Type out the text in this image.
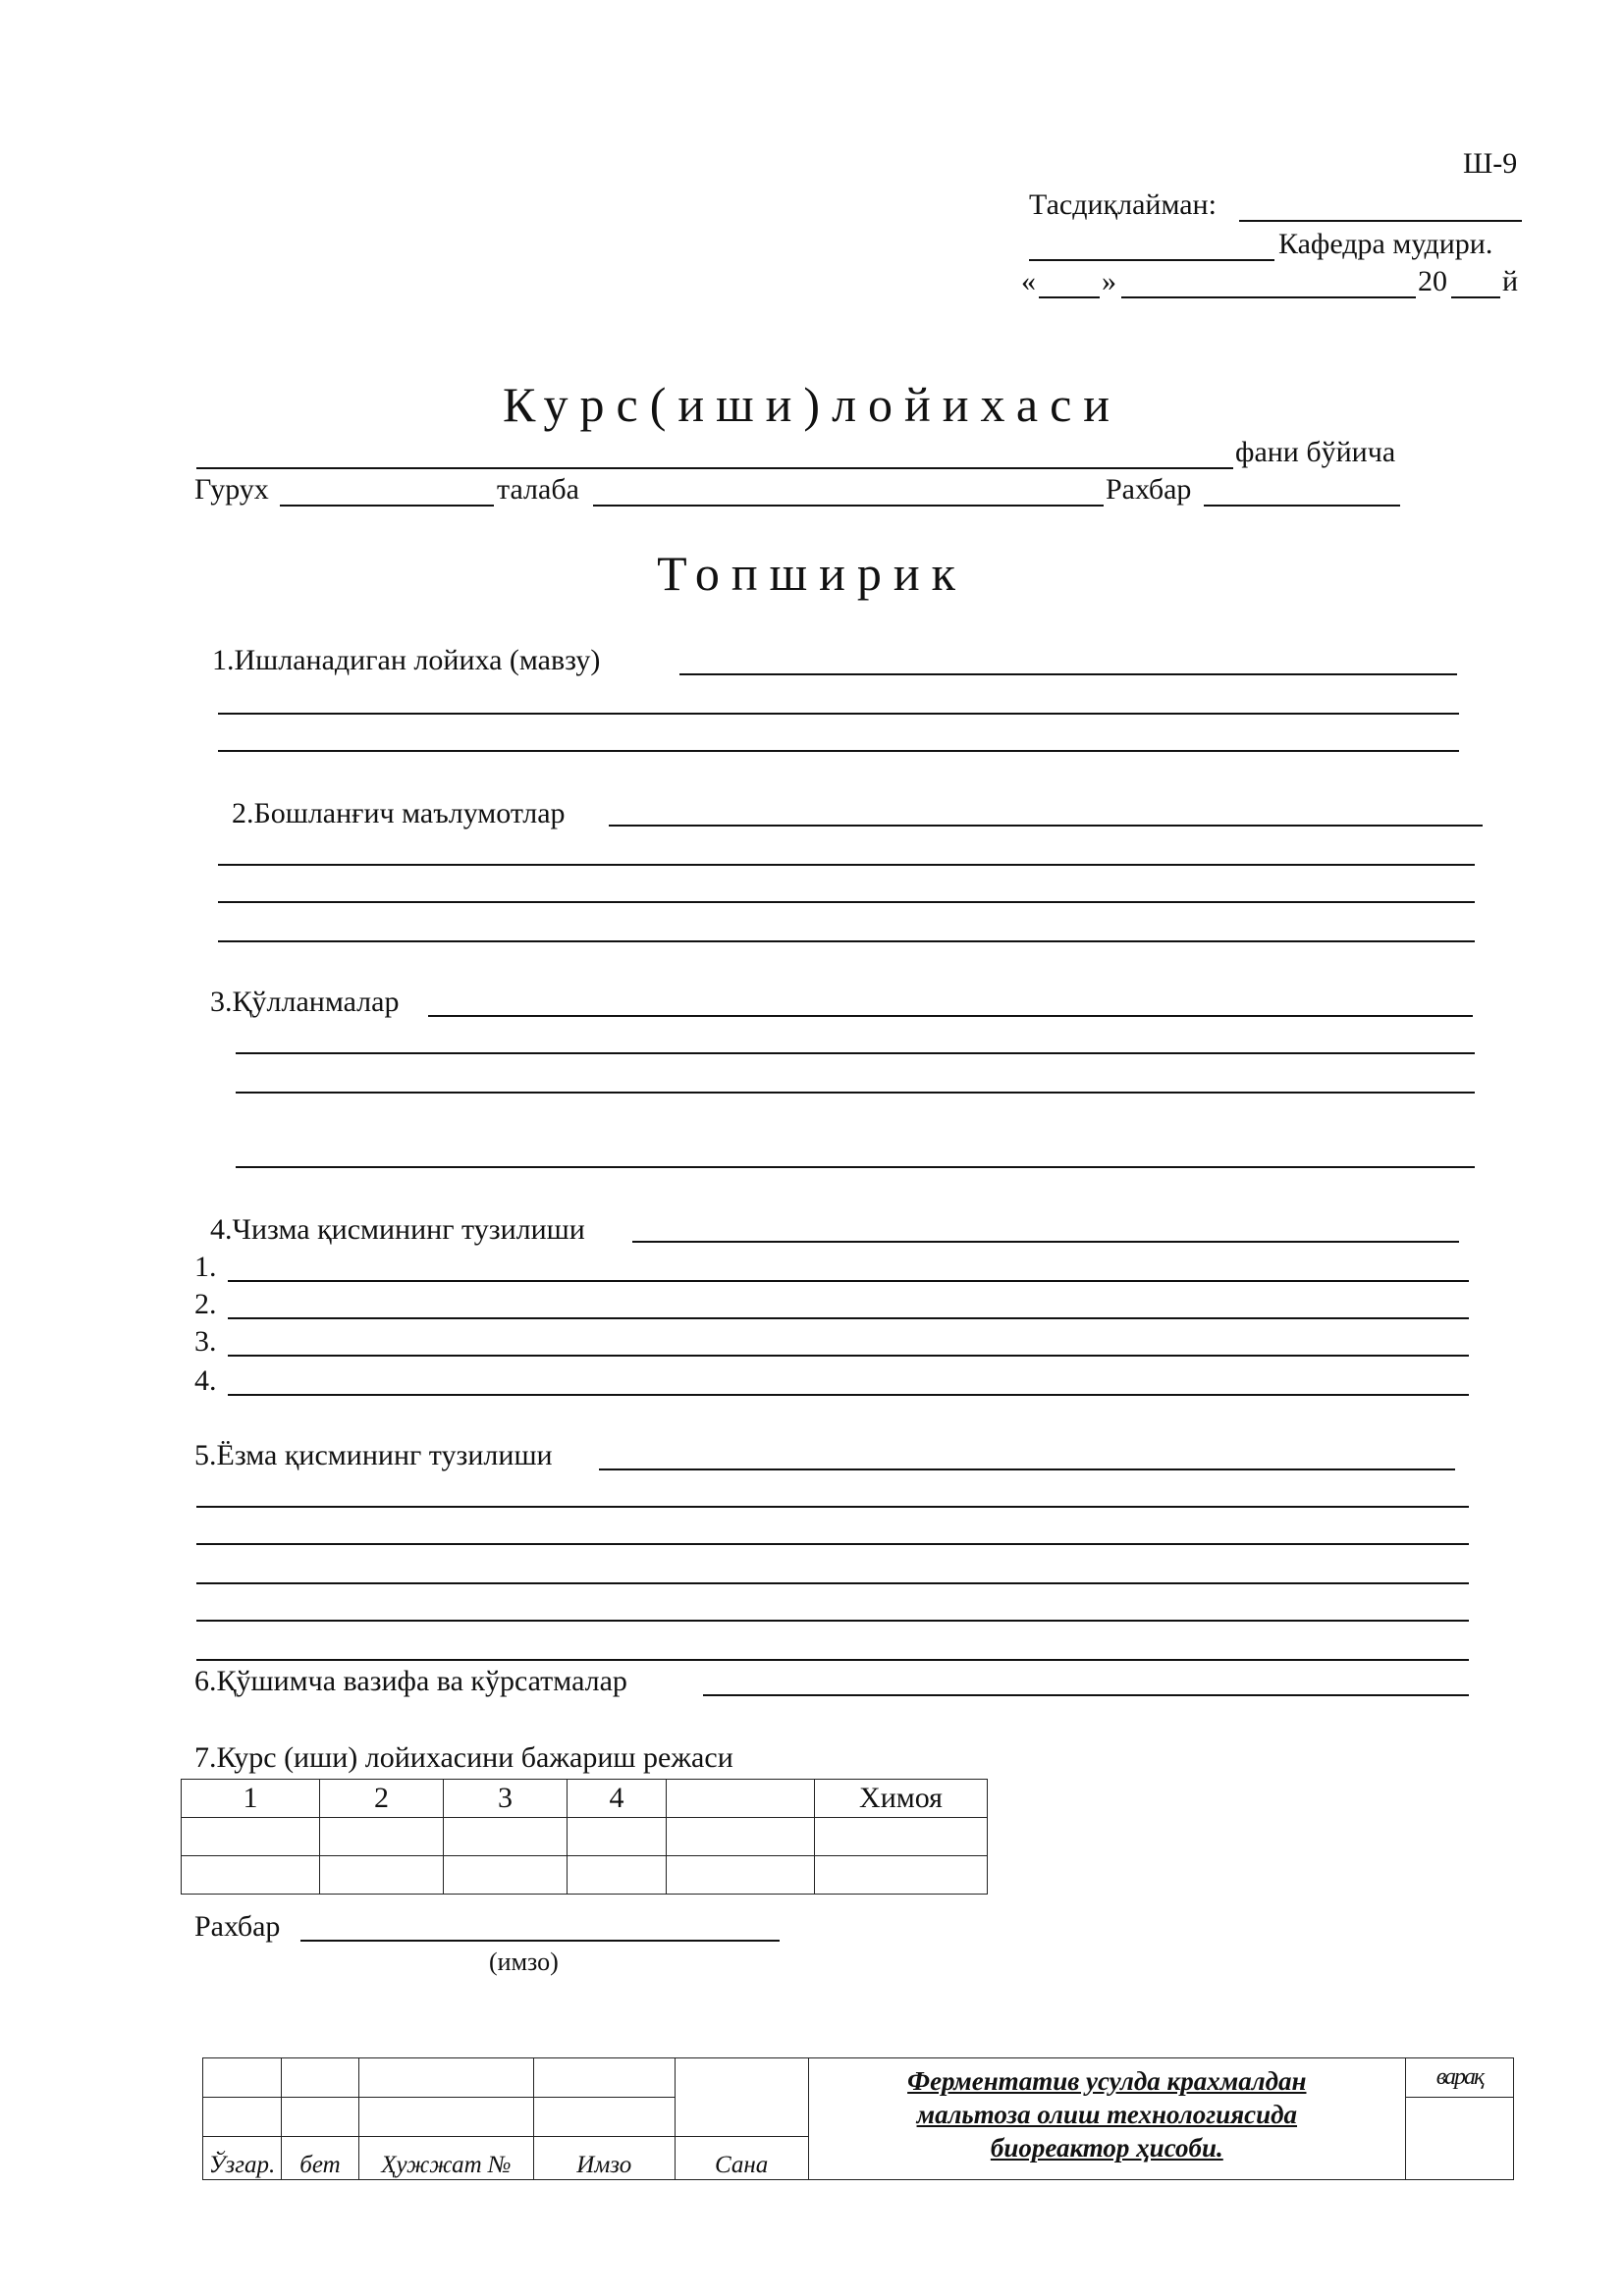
Ш-9
Тасдиқлайман:
Кафедра мудири.
« »	20 й
Курс(иши)лойихаси
фани бўйича
Гурух	талаба	Рахбар
Топширик
1.Ишланадиган лойиха (мавзу)
2.Бошланғич маълумотлар
3.Қўлланмалар
4.Чизма қисмининг тузилиши
1.
2.
3.
4.
5.Ёзма қисмининг тузилиши
6.Қўшимча вазифа ва кўрсатмалар
7.Курс (иши) лойихасини бажариш режаси
1	2	3	4		Химоя

Рахбар
(имзо)

					Ферментатив усулда крахмалдан
мальтоза олиш технологиясида
биореактор ҳисоби.	варақ

Ўзгар.	бет	Ҳужжат №	Имзо	Сана		
